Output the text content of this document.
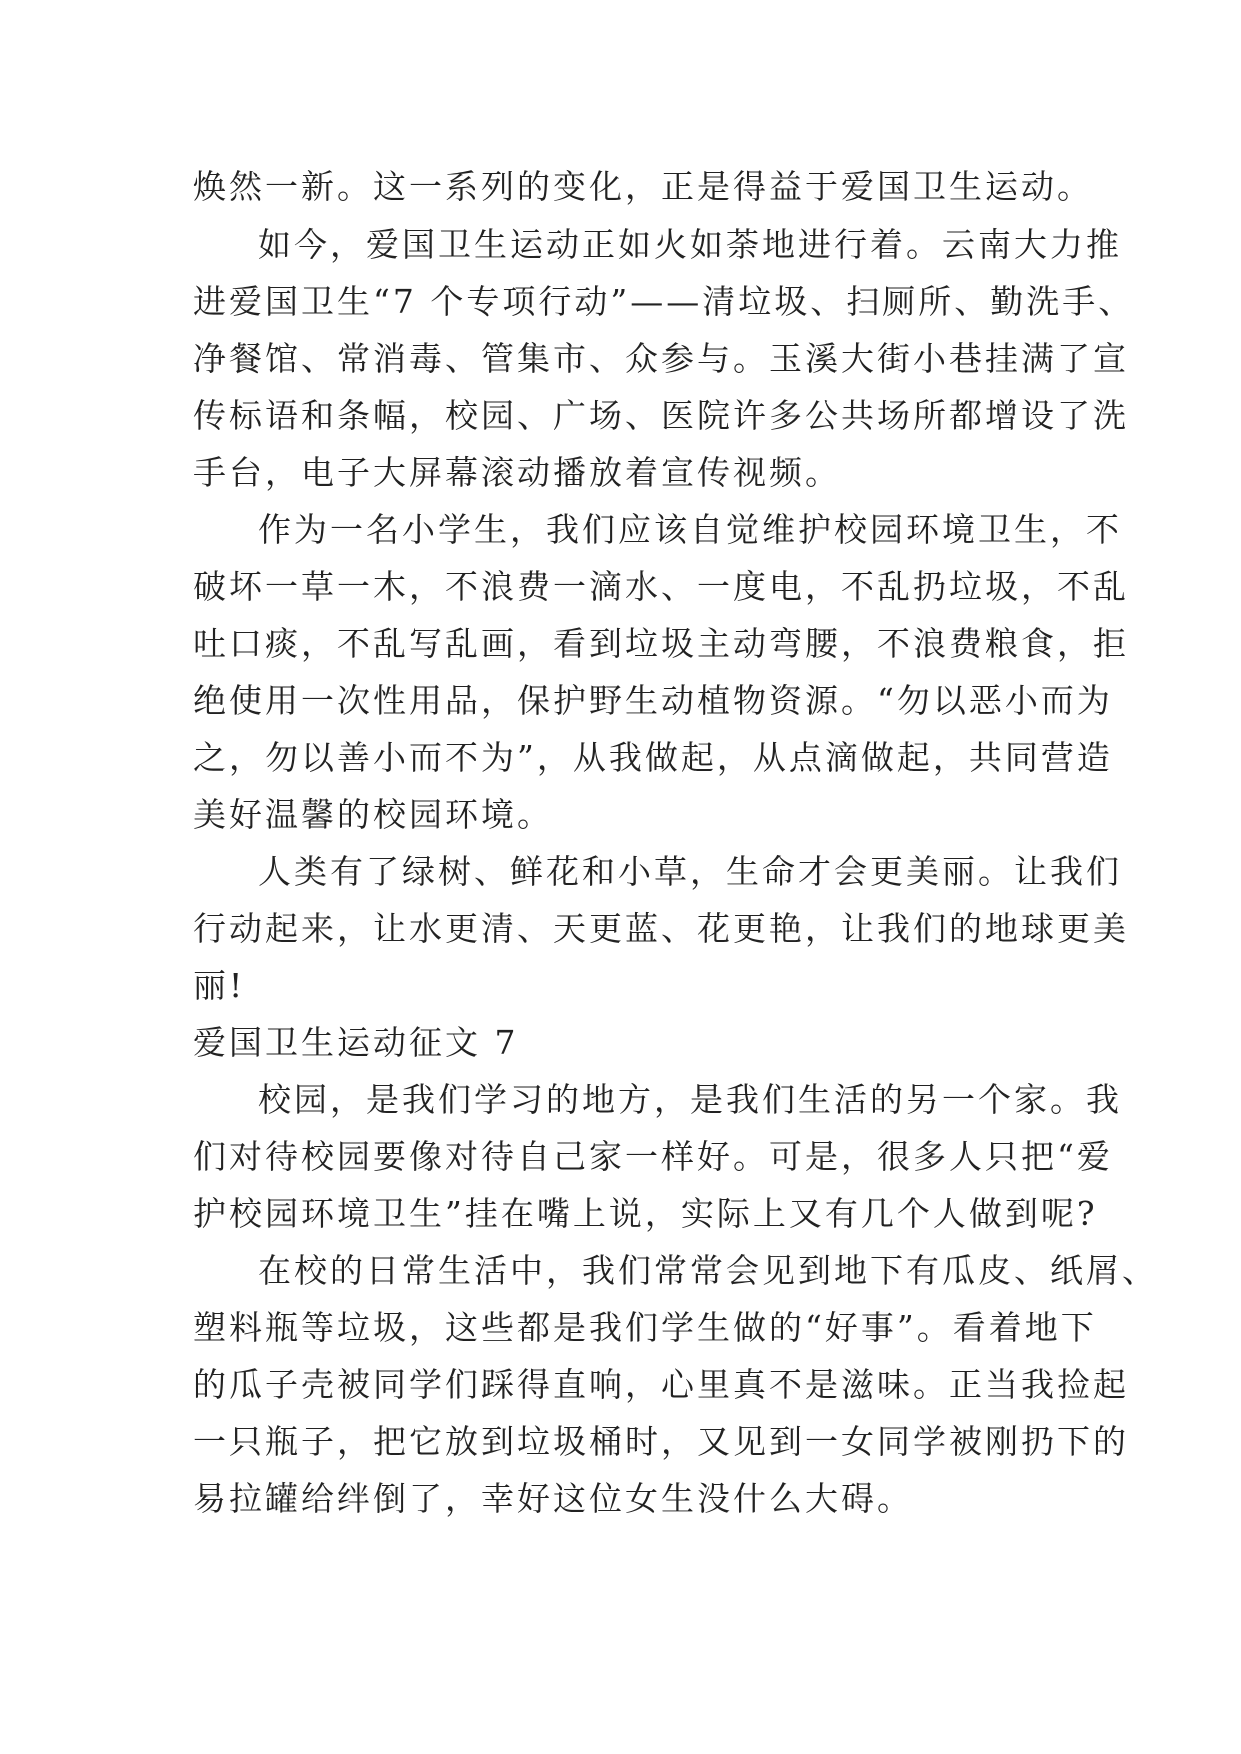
焕然一新。这一系列的变化，正是得益于爱国卫生运动。
如今，爱国卫生运动正如火如荼地进行着。云南大力推
进爱国卫生“7 个专项行动”——清垃圾、扫厕所、勤洗手、
净餐馆、常消毒、管集市、众参与。玉溪大街小巷挂满了宣
传标语和条幅，校园、广场、医院许多公共场所都增设了洗
手台，电子大屏幕滚动播放着宣传视频。
作为一名小学生，我们应该自觉维护校园环境卫生，不
破坏一草一木，不浪费一滴水、一度电，不乱扔垃圾，不乱
吐口痰，不乱写乱画，看到垃圾主动弯腰，不浪费粮食，拒
绝使用一次性用品，保护野生动植物资源。“勿以恶小而为
之，勿以善小而不为”，从我做起，从点滴做起，共同营造
美好温馨的校园环境。
人类有了绿树、鲜花和小草，生命才会更美丽。让我们
行动起来，让水更清、天更蓝、花更艳，让我们的地球更美
丽!
爱国卫生运动征文 7
校园，是我们学习的地方，是我们生活的另一个家。我
们对待校园要像对待自己家一样好。可是，很多人只把“爱
护校园环境卫生”挂在嘴上说，实际上又有几个人做到呢?
在校的日常生活中，我们常常会见到地下有瓜皮、纸屑、
塑料瓶等垃圾，这些都是我们学生做的“好事”。看着地下
的瓜子壳被同学们踩得直响，心里真不是滋味。正当我捡起
一只瓶子，把它放到垃圾桶时，又见到一女同学被刚扔下的
易拉罐给绊倒了，幸好这位女生没什么大碍。
